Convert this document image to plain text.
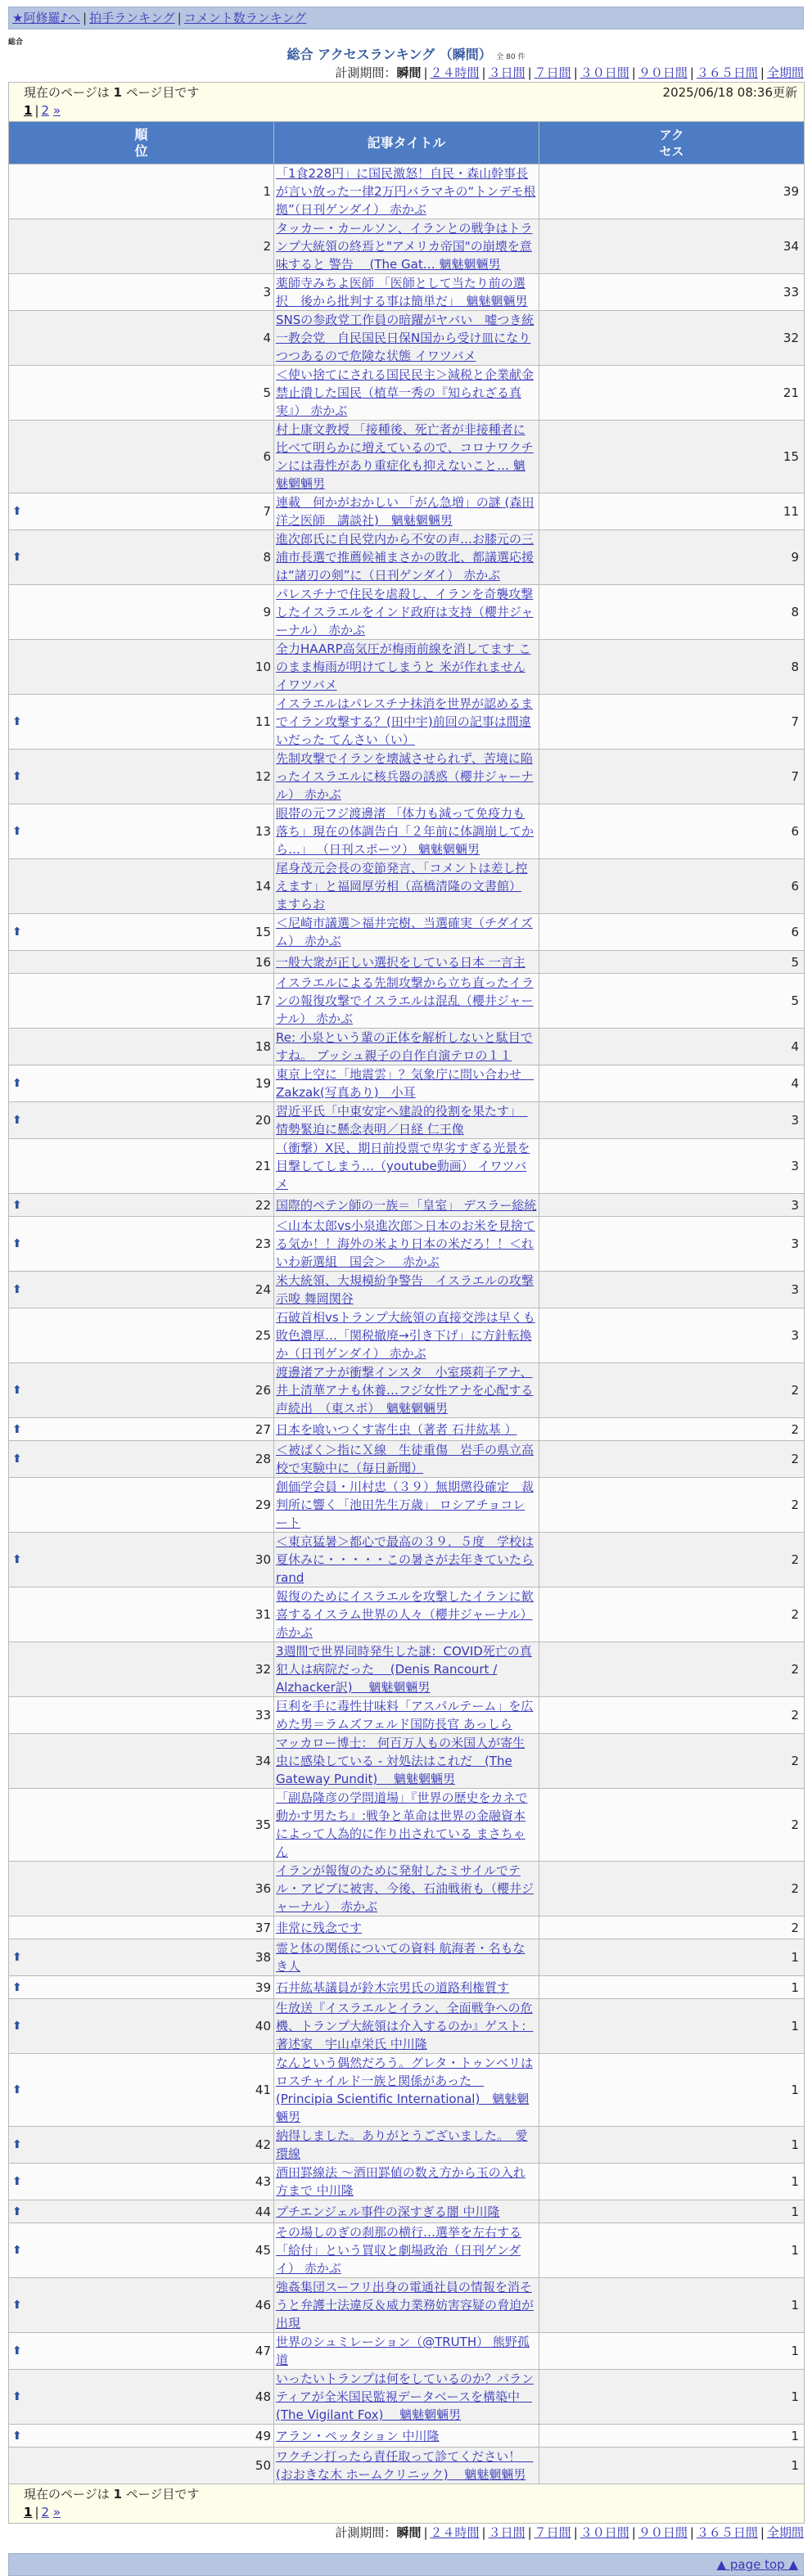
★阿修羅♪へ | 拍手ランキング | コメント数ランキング
総合
総合 アクセスランキング （瞬間） 全 80 件
計測期間：瞬間 | ２４時間 | ３日間 | ７日間 | ３０日間 | ９０日間 | ３６５日間 | 全期間
現在のページは 1 ページ目です 2025/06/18 08:36更新
1 | 2 »		

順
位	記事タイトル	アク
セス
1	「1食228円」に国民激怒！自民・森山幹事長が言い放った一律2万円バラマキの“トンデモ根拠”（日刊ゲンダイ） 赤かぶ	39
2	タッカー・カールソン、イランとの戦争はトランプ大統領の終焉と"アメリカ帝国"の崩壊を意味すると 警告 　(The Gat… 魑魅魍魎男	34
3	薬師寺みちよ医師 「医師として当たり前の選択　後から批判する事は簡単だ」　魑魅魍魎男	33
4	SNSの参政党工作員の暗躍がヤバい　嘘つき統一教会党　自民国民日保N国から受け皿になりつつあるので危険な状態 イワツバメ	32
5	＜使い捨てにされる国民民主＞減税と企業献金禁止潰した国民（植草一秀の『知られざる真実』） 赤かぶ	21
6	村上康文教授 「接種後、死亡者が非接種者に比べて明らかに増えているので、コロナワクチンには毒性があり重症化も抑えないこと… 魑魅魍魎男	15

⬆ 7	連載　何かがおかしい 「がん急増」の謎 (森田洋之医師　講談社)　魑魅魍魎男	11

⬆ 8	進次郎氏に自民党内から不安の声…お膝元の三浦市長選で推薦候補まさかの敗北、都議選応援は“諸刃の剣”に（日刊ゲンダイ） 赤かぶ	9
9	パレスチナで住民を虐殺し、イランを奇襲攻撃したイスラエルをインド政府は支持（櫻井ジャーナル） 赤かぶ	8
10	全力HAARP高気圧が梅雨前線を消してます このまま梅雨が明けてしまうと 米が作れません イワツバメ	8

⬆ 11	イスラエルはパレスチナ抹消を世界が認めるまでイラン攻撃する？(田中宇)前回の記事は間違いだった てんさい（い）	7

⬆ 12	先制攻撃でイランを壊滅させられず、苦境に陥ったイスラエルに核兵器の誘惑（櫻井ジャーナル） 赤かぶ	7

⬆ 13	眼帯の元フジ渡邊渚 「体力も減って免疫力も落ち」現在の体調告白「２年前に体調崩してから…」 （日刊スポーツ） 魑魅魍魎男	6
14	尾身茂元会長の変節発言、「コメントは差し控えます」と福岡厚労相（高橋清隆の文書館） ますらお	6

⬆ 15	＜尼崎市議選＞福井完樹、当選確実（チダイズム） 赤かぶ	6
16	一般大衆が正しい選択をしている日本 一言主	5
17	イスラエルによる先制攻撃から立ち直ったイランの報復攻撃でイスラエルは混乱（櫻井ジャーナル） 赤かぶ	5
18	Re: 小泉という輩の正体を解析しないと駄目ですね。 ブッシュ親子の自作自演テロの１１	4

⬆ 19	東京上空に「地震雲」？気象庁に問い合わせ　Zakzak(写真あり)　小耳	4

⬆ 20	習近平氏「中東安定へ建設的役割を果たす」　情勢緊迫に懸念表明／日経 仁王像	3
21	（衝撃）X民、期日前投票で卑劣すぎる光景を目撃してしまう…（youtube動画） イワツバメ	3

⬆ 22	国際的ペテン師の一族＝「皇室」 デスラー総統	3

⬆ 23	＜山本太郎vs小泉進次郎＞日本のお米を見捨てる気か！！海外の米より日本の米だろ！！＜れいわ新選組　国会＞　 赤かぶ	3

⬆ 24	米大統領、大規模紛争警告　イスラエルの攻撃示唆 舞岡関谷	3
25	石破首相vsトランプ大統領の直接交渉は早くも敗色濃厚…「関税撤廃→引き下げ」に方針転換か（日刊ゲンダイ） 赤かぶ	3

⬆ 26	渡邊渚アナが衝撃インスタ　小室瑛莉子アナ、井上清華アナも休養…フジ女性アナを心配する声続出　（東スポ）　魑魅魍魎男	2

⬆ 27	日本を喰いつくす寄生虫（著者 石井紘基 ）	2

⬆ 28	＜被ばく＞指にＸ線　生徒重傷　岩手の県立高校で実験中に（毎日新聞）	2
29	創価学会員・川村忠（３９）無期懲役確定　裁判所に響く「池田先生万歳」 ロシアチョコレート	2

⬆ 30	＜東京猛暑＞都心で最高の３９．５度　学校は夏休みに・・・・・この暑さが去年きていたら rand	2
31	報復のためにイスラエルを攻撃したイランに歓喜するイスラム世界の人々（櫻井ジャーナル） 赤かぶ	2
32	3週間で世界同時発生した謎：COVID死亡の真犯人は病院だった　 (Denis Rancourt / Alzhacker訳)　 魑魅魍魎男	2
33	巨利を手に毒性甘味料「アスパルテーム」を広めた男＝ラムズフェルド国防長官 あっしら	2
34	マッカロー博士： 何百万人もの米国人が寄生虫に感染している - 対処法はこれだ　(The Gateway Pundit)　 魑魅魍魎男	2
35	「副島隆彦の学問道場」『世界の歴史をカネで動かす男たち』:戦争と革命は世界の金融資本によって人為的に作り出されている まさちゃん	2
36	イランが報復のために発射したミサイルでテル・アビブに被害、今後、石油戦術も（櫻井ジャーナル） 赤かぶ	2
37	非常に残念です	2

⬆ 38	霊と体の関係についての資料 航海者・名もなき人	1

⬆ 39	石井紘基議員が鈴木宗男氏の道路利権質す	1

⬆ 40	生放送『イスラエルとイラン、全面戦争への危機、トランプ大統領は介入するのか』ゲスト：著述家　宇山卓栄氏 中川隆	1

⬆ 41	なんという偶然だろう。グレタ・トゥンベリはロスチャイルド一族と関係があった　(Principia Scientific International)　魑魅魍魎男	1

⬆ 42	納得しました。ありがとうございました。　愛環線	1

⬆ 43	酒田罫線法 ～酒田罫値の数え方から玉の入れ方まで 中川隆	1

⬆ 44	プチエンジェル事件の深すぎる闇 中川隆	1

⬆ 45	その場しのぎの刹那の横行…選挙を左右する「給付」という買収と劇場政治（日刊ゲンダイ） 赤かぶ	1

⬆ 46	強姦集団スーフリ出身の電通社員の情報を消そうと弁護士法違反＆威力業務妨害容疑の脅迫が出現	1

⬆ 47	世界のシュミレーション（@TRUTH） 熊野孤道	1

⬆ 48	いったいトランプは何をしているのか？パランティアが全米国民監視データベースを構築中　(The Vigilant Fox)　 魑魅魍魎男	1

⬆ 49	アラン・ペッタション 中川隆	1
50	ワクチン打ったら責任取って診てください！　(おおきな木 ホームクリニック)　 魑魅魍魎男	1

現在のページは 1 ページ目です
1 | 2 »		
計測期間：瞬間 | ２４時間 | ３日間 | ７日間 | ３０日間 | ９０日間 | ３６５日間 | 全期間
▲ page top ▲
